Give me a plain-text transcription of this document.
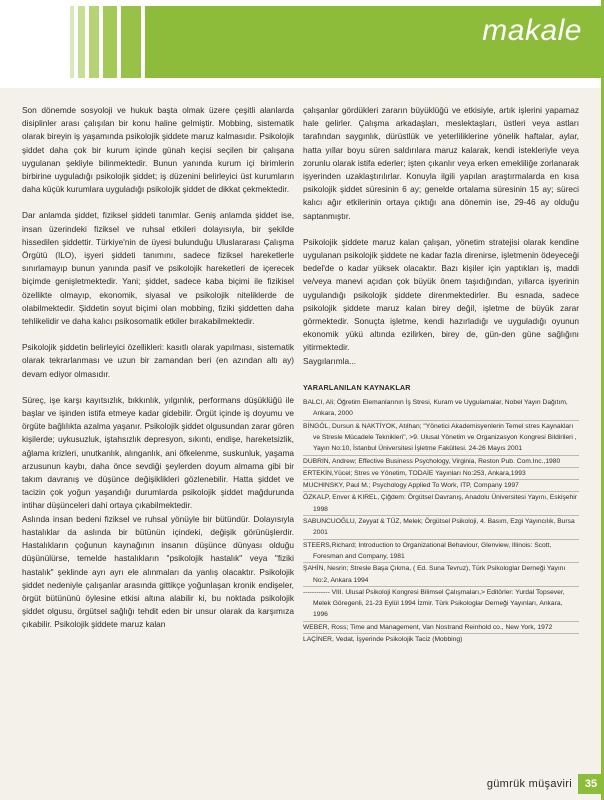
makale

Son dönemde sosyoloji ve hukuk başta olmak üzere çeşitli alanlarda disiplinler arası çalışılan bir konu haline gelmiştir. Mobbing, sistematik olarak bireyin iş yaşamında psikolojik şiddete maruz kalmasıdır. Psikolojik şiddet daha çok bir kurum içinde günah keçisi seçilen bir çalışana uygulanan şekliyle bilinmektedir. Bunun yanında kurum içi birimlerin birbirine uyguladığı psikolojik şiddet; iş düzenini belirleyici üst kurumların daha küçük kurumlara uyguladığı psikolojik şiddet de dikkat çekmektedir.

Dar anlamda şiddet, fiziksel şiddeti tanımlar. Geniş anlamda şiddet ise, insan üzerindeki fiziksel ve ruhsal etkileri dolayısıyla, bir şekilde hissedilen şiddettir. Türkiye'nin de üyesi bulunduğu Uluslararası Çalışma Örgütü (ILO), işyeri şiddeti tanımını, sadece fiziksel hareketlerle sınırlamayıp bunun yanında pasif ve psikolojik hareketleri de içerecek biçimde genişletmektedir. Yani; şiddet, sadece kaba biçimi ile fizikisel özellikte olmayıp, ekonomik, siyasal ve psikolojik niteliklerde de olabilmektedir. Şiddetin soyut biçimi olan mobbing, fiziki şiddetten daha tehlikelidir ve daha kalıcı psikosomatik etkiler bırakabilmektedir.

Psikolojik şiddetin belirleyici özellikleri: kasıtlı olarak yapılması, sistematik olarak tekrarlanması ve uzun bir zamandan beri (en azından altı ay) devam ediyor olmasıdır.

Süreç, işe karşı kayıtsızlık, bıkkınlık, yılgınlık, performans düşüklüğü ile başlar ve işinden istifa etmeye kadar gidebilir. Örgüt içinde iş doyumu ve örgüte bağlılıkta azalma yaşanır. Psikolojik şiddet olgusundan zarar gören kişilerde; uykusuzluk, iştahsızlık depresyon, sıkıntı, endişe, hareketsizlik, ağlama krizleri, unutkanlık, alınganlık, ani öfkelenme, suskunluk, yaşama arzusunun kaybı, daha önce sevdiği şeylerden doyum almama gibi bir takım davranış ve düşünce değişiklikleri gözlenebilir. Hatta şiddet ve tacizin çok yoğun yaşandığı durumlarda psikolojik şiddet mağdurunda intihar düşünceleri dahi ortaya çıkabilmektedir.

Aslında insan bedeni fiziksel ve ruhsal yönüyle bir bütündür. Dolayısıyla hastalıklar da aslında bir bütünün içindeki, değişik görünüşlerdir. Hastalıkların çoğunun kaynağının insanın düşünce dünyası olduğu düşünülürse, temelde hastalıkların "psikolojik hastalık" veya "fiziki hastalık" şeklinde ayrı ayrı ele alınmaları da yanlış olacaktır. Psikolojik şiddet nedeniyle çalışanlar arasında gittikçe yoğunlaşan kronik endişeler, örgüt bütününü öylesine etkisi altına alabilir ki, bu noktada psikolojik şiddet olgusu, örgütsel sağlığı tehdit eden bir unsur olarak da karşımıza çıkabilir. Psikolojik şiddete maruz kalan

çalışanlar gördükleri zararın büyüklüğü ve etkisiyle, artık işlerini yapamaz hale gelirler. Çalışma arkadaşları, meslektaşları, üstleri veya astları tarafından saygınlık, dürüstlük ve yeterliliklerine yönelik haftalar, aylar, hatta yıllar boyu süren saldırılara maruz kalarak, kendi istekleriyle veya zorunlu olarak istifa ederler; işten çıkanlır veya erken emekliliğe zorlanarak işyerinden uzaklaştırılırlar. Konuyla ilgili yapılan araştırmalarda en kısa psikolojik şiddet süresinin 6 ay; genelde ortalama süresinin 15 ay; süreci kalıcı ağır etkilerinin ortaya çıktığı ana dönemin ise, 29-46 ay olduğu saptanmıştır.

Psikolojik şiddete maruz kalan çalışan, yönetim stratejisi olarak kendine uygulanan psikolojik şiddete ne kadar fazla direnirse, işletmenin ödeyeceği bedel'de o kadar yüksek olacaktır. Bazı kişiler için yaptıkları iş, maddi ve/veya manevi açıdan çok büyük önem taşıdığından, yıllarca işyerinin uygulandığı psikolojik şiddete direnmektedirler. Bu esnada, sadece psikolojik şiddete maruz kalan birey değil, işletme de büyük zarar görmektedir. Sonuçta işletme, kendi hazırladığı ve uyguladığı oyunun ekonomik yükü altında ezilirken, birey de, gün-den güne sağlığını yitirmektedir.

Saygılarımla...

YARARLANILAN KAYNAKLAR
BALCI, Ali; Öğretim Elemanlarının İş Stresi, Kuram ve Uygulamalar, Nobel Yayın Dağıtım, Ankara, 2000
BİNGÖL, Dursun & NAKTİYOK, Atılhan; "Yönetici Akademisyenlerin Temel stres Kaynakları ve Stresle Mücadele Teknikleri", >9. Ulusal Yönetim ve Organizasyon Kongresi Bildirileri , Yayın No:10, İstanbul Üniversitesi İşletme Fakültesi. 24-26 Mayıs 2001
DUBRIN, Andrew; Effective Business Psychology, Virginia, Reston Pub. Com.Inc.,1980
ERTEKİN,Yücel; Stres ve Yönetim, TODAİE Yayınları No:253, Ankara,1993
MUCHINSKY, Paul M.; Psychology Applied To Work, ITP, Company 1997
ÖZKALP, Enver & KIREL, Çiğdem: Örgütsel Davranış, Anadolu Üniversitesi Yayını, Eskişehir 1998
SABUNCUOĞLU, Zeyyat & TÜZ, Melek; Örgütsel Psikoloji, 4. Basım, Ezgi Yayıncılık, Bursa 2001
STEERS,Richard; Introduction to Organizational Behaviour, Glenview, Illinois: Scott, Foresman and Company, 1981
ŞAHİN, Nesrin; Stresle Başa Çıkma, ( Ed. Suna Tevruz), Türk Psikologlar Derneği Yayını No:2, Ankara 1994
------------ VIII. Ulusal Psikoloji Kongresi Bilimsel Çalışmaları,> Editörler: Yurdal Topsever, Melek Göregenli, 21-23 Eylül 1994 İzmir. Türk Psikologlar Derneği Yayınları, Ankara, 1996
WEBER, Ross; Time and Management, Van Nostrand Reinhold co., New York, 1972
LAÇİNER, Vedat, İşyerinde Psikolojik Taciz (Mobbing)
gümrük müşaviri	35
